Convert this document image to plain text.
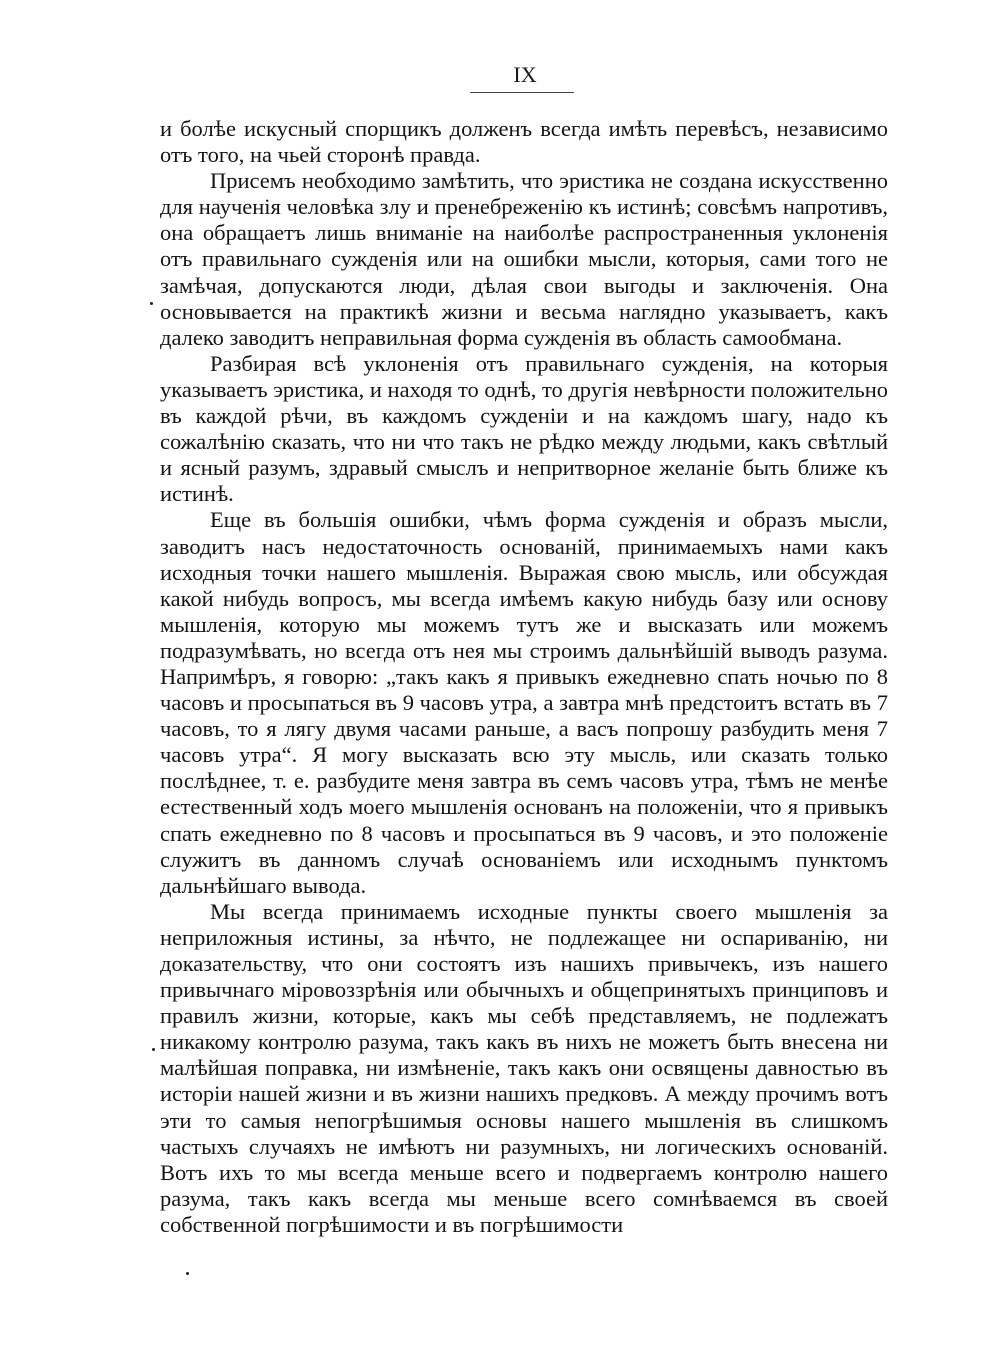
IX

и болѣе искусный спорщикъ долженъ всегда имѣть перевѣсъ, независимо отъ того, на чьей сторонѣ правда.

Присемъ необходимо замѣтить, что эристика не создана искусственно для наученія человѣка злу и пренебреженію къ истинѣ; совсѣмъ напротивъ, она обращаетъ лишь вниманіе на наиболѣе распространенныя уклоненія отъ правильнаго сужденія или на ошибки мысли, которыя, сами того не замѣчая, допускаются люди, дѣлая свои выгоды и заключенія. Она основывается на практикѣ жизни и весьма наглядно указываетъ, какъ далеко заводитъ неправильная форма сужденія въ область самообмана.

Разбирая всѣ уклоненія отъ правильнаго сужденія, на которыя указываетъ эристика, и находя то однѣ, то другія невѣрности положительно въ каждой рѣчи, въ каждомъ сужденіи и на каждомъ шагу, надо къ сожалѣнію сказать, что ни что такъ не рѣдко между людьми, какъ свѣтлый и ясный разумъ, здравый смыслъ и непритворное желаніе быть ближе къ истинѣ.

Еще въ большія ошибки, чѣмъ форма сужденія и образъ мысли, заводитъ насъ недостаточность основаній, принимаемыхъ нами какъ исходныя точки нашего мышленія. Выражая свою мысль, или обсуждая какой нибудь вопросъ, мы всегда имѣемъ какую нибудь базу или основу мышленія, которую мы можемъ тутъ же и высказать или можемъ подразумѣвать, но всегда отъ нея мы строимъ дальнѣйшій выводъ разума. Напримѣръ, я говорю: „такъ какъ я привыкъ ежедневно спать ночью по 8 часовъ и просыпаться въ 9 часовъ утра, а завтра мнѣ предстоитъ встать въ 7 часовъ, то я лягу двумя часами раньше, а васъ попрошу разбудить меня 7 часовъ утра“. Я могу высказать всю эту мысль, или сказать только послѣднее, т. е. разбудите меня завтра въ семъ часовъ утра, тѣмъ не менѣе естественный ходъ моего мышленія основанъ на положеніи, что я привыкъ спать ежедневно по 8 часовъ и просыпаться въ 9 часовъ, и это положеніе служитъ въ данномъ случаѣ основаніемъ или исходнымъ пунктомъ дальнѣйшаго вывода.

Мы всегда принимаемъ исходные пункты своего мышленія за неприложныя истины, за нѣчто, не подлежащее ни оспариванію, ни доказательству, что они состоятъ изъ нашихъ привычекъ, изъ нашего привычнаго міровоззрѣнія или обычныхъ и общепринятыхъ принциповъ и правилъ жизни, которые, какъ мы себѣ представляемъ, не подлежатъ никакому контролю разума, такъ какъ въ нихъ не можетъ быть внесена ни малѣйшая поправка, ни измѣненіе, такъ какъ они освящены давностью въ исторіи нашей жизни и въ жизни нашихъ предковъ. А между прочимъ вотъ эти то самыя непогрѣшимыя основы нашего мышленія въ слишкомъ частыхъ случаяхъ не имѣютъ ни разумныхъ, ни логическихъ основаній. Вотъ ихъ то мы всегда меньше всего и подвергаемъ контролю нашего разума, такъ какъ всегда мы меньше всего сомнѣваемся въ своей собственной погрѣшимости и въ погрѣшимости
